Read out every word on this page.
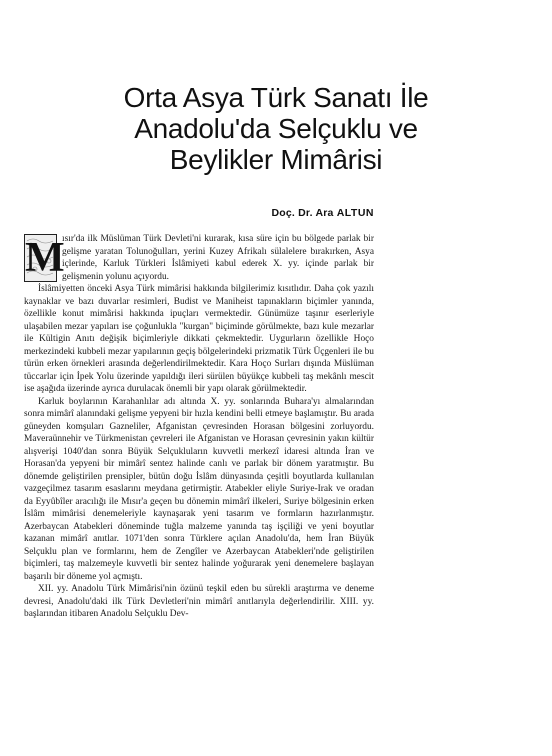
Orta Asya Türk Sanatı İle
Anadolu'da Selçuklu ve
Beylikler Mimârisi
Doç. Dr. Ara ALTUN

M
ısır'da ilk Müslüman Türk Devleti'ni kurarak, kısa süre için bu bölgede parlak bir gelişme yaratan Tolunoğulları, yerini Kuzey Afrikalı sülalelere bırakırken, Asya içlerinde, Karluk Türkleri İslâmiyeti kabul ederek X. yy. içinde parlak bir gelişmenin yolunu açıyordu.

İslâmiyetten önceki Asya Türk mimârisi hakkında bilgilerimiz kısıtlıdır. Daha çok yazılı kaynaklar ve bazı duvarlar resimleri, Budist ve Maniheist tapınakların biçimler yanında, özellikle konut mimârisi hakkında ipuçları vermektedir. Günümüze taşınır eserleriyle ulaşabilen mezar yapıları ise çoğunlukla "kurgan" biçiminde görülmekte, bazı kule mezarlar ile Kültigin Anıtı değişik biçimleriyle dikkati çekmektedir. Uygurların özellikle Hoço merkezindeki kubbeli mezar yapılarının geçiş bölgelerindeki prizmatik Türk Üçgenleri ile bu türün erken örnekleri arasında değerlendirilmektedir. Kara Hoço Surları dışında Müslüman tüccarlar için İpek Yolu üzerinde yapıldığı ileri sürülen büyükçe kubbeli taş mekânlı mescit ise aşağıda üzerinde ayrıca durulacak önemli bir yapı olarak görülmektedir.

Karluk boylarının Karahanlılar adı altında X. yy. sonlarında Buhara'yı almalarından sonra mimârî alanındaki gelişme yepyeni bir hızla kendini belli etmeye başlamıştır. Bu arada güneyden komşuları Gazneliler, Afganistan çevresinden Horasan bölgesini zorluyordu. Maveraünnehir ve Türkmenistan çevreleri ile Afganistan ve Horasan çevresinin yakın kültür alışverişi 1040'dan sonra Büyük Selçukluların kuvvetli merkezî idaresi altında İran ve Horasan'da yepyeni bir mimârî sentez halinde canlı ve parlak bir dönem yaratmıştır. Bu dönemde geliştirilen prensipler, bütün doğu İslâm dünyasında çeşitli boyutlarda kullanılan vazgeçilmez tasarım esaslarını meydana getirmiştir. Atabekler eliyle Suriye-Irak ve oradan da Eyyûbîler aracılığı ile Mısır'a geçen bu dönemin mimârî ilkeleri, Suriye bölgesinin erken İslâm mimârisi denemeleriyle kaynaşarak yeni tasarım ve formların hazırlanmıştır. Azerbaycan Atabekleri döneminde tuğla malzeme yanında taş işçiliği ve yeni boyutlar kazanan mimârî anıtlar. 1071'den sonra Türklere açılan Anadolu'da, hem İran Büyük Selçuklu plan ve formlarını, hem de Zengîler ve Azerbaycan Atabekleri'nde geliştirilen biçimleri, taş malzemeyle kuvvetli bir sentez halinde yoğurarak yeni denemelere başlayan başarılı bir döneme yol açmıştı.

XII. yy. Anadolu Türk Mimârisi'nin özünü teşkil eden bu sürekli araştırma ve deneme devresi, Anadolu'daki ilk Türk Devletleri'nin mimârî anıtlarıyla değerlendirilir. XIII. yy. başlarından itibaren Anadolu Selçuklu Dev-
